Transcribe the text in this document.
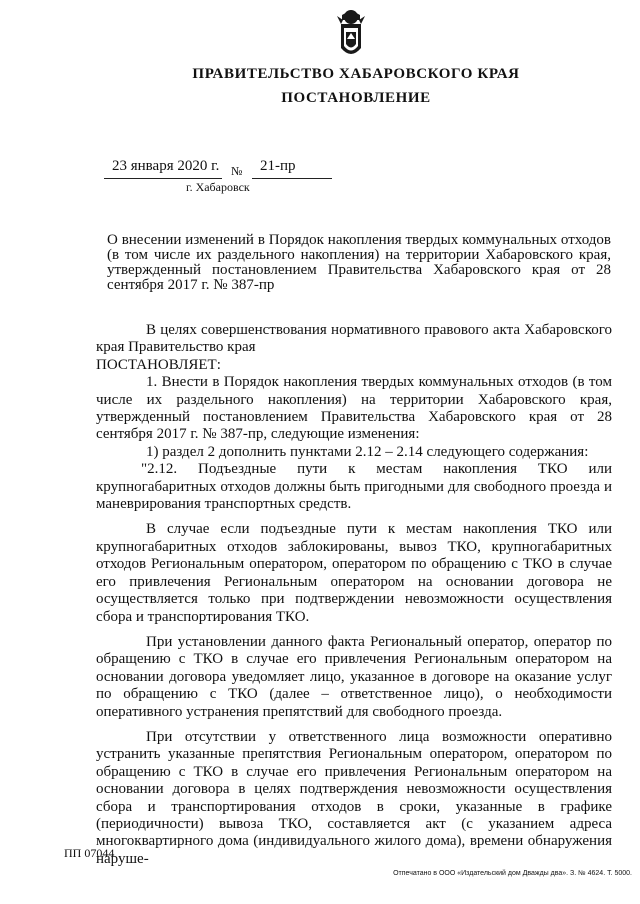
ПРАВИТЕЛЬСТВО ХАБАРОВСКОГО КРАЯ
ПОСТАНОВЛЕНИЕ
23 января 2020 г. № 21-пр
г. Хабаровск

О внесении изменений в Порядок накопления твердых коммунальных отходов (в том числе их раздельного накопления) на территории Хабаровского края, утвержденный постановлением Правительства Хабаровского края от 28 сентября 2017 г. № 387-пр

В целях совершенствования нормативного правового акта Хабаровского края Правительство края

ПОСТАНОВЛЯЕТ:

1. Внести в Порядок накопления твердых коммунальных отходов (в том числе их раздельного накопления) на территории Хабаровского края, утвержденный постановлением Правительства Хабаровского края от 28 сентября 2017 г. № 387-пр, следующие изменения:

1) раздел 2 дополнить пунктами 2.12 – 2.14 следующего содержания:

"2.12. Подъездные пути к местам накопления ТКО или крупногабаритных отходов должны быть пригодными для свободного проезда и маневрирования транспортных средств.

В случае если подъездные пути к местам накопления ТКО или крупногабаритных отходов заблокированы, вывоз ТКО, крупногабаритных отходов Региональным оператором, оператором по обращению с ТКО в случае его привлечения Региональным оператором на основании договора не осуществляется только при подтверждении невозможности осуществления сбора и транспортирования ТКО.

При установлении данного факта Региональный оператор, оператор по обращению с ТКО в случае его привлечения Региональным оператором на основании договора уведомляет лицо, указанное в договоре на оказание услуг по обращению с ТКО (далее – ответственное лицо), о необходимости оперативного устранения препятствий для свободного проезда.

При отсутствии у ответственного лица возможности оперативно устранить указанные препятствия Региональным оператором, оператором по обращению с ТКО в случае его привлечения Региональным оператором на основании договора в целях подтверждения невозможности осуществления сбора и транспортирования отходов в сроки, указанные в графике (периодичности) вывоза ТКО, составляется акт (с указанием адреса многоквартирного дома (индивидуального жилого дома), времени обнаружения наруше-

ПП 07044
Отпечатано в ООО «Издательский дом Дважды два». З. № 4624. Т. 5000.
